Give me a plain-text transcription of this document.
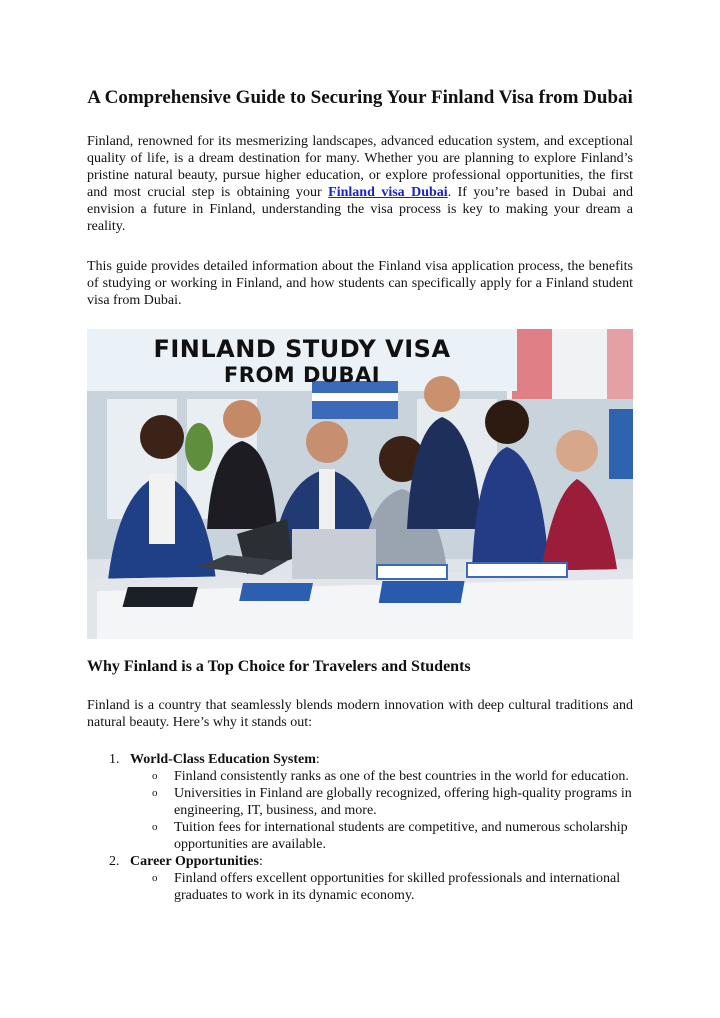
A Comprehensive Guide to Securing Your Finland Visa from Dubai

Finland, renowned for its mesmerizing landscapes, advanced education system, and exceptional quality of life, is a dream destination for many. Whether you are planning to explore Finland’s pristine natural beauty, pursue higher education, or explore professional opportunities, the first and most crucial step is obtaining your Finland visa Dubai. If you’re based in Dubai and envision a future in Finland, understanding the visa process is key to making your dream a reality.

This guide provides detailed information about the Finland visa application process, the benefits of studying or working in Finland, and how students can specifically apply for a Finland student visa from Dubai.

FINLAND STUDY VISA
FROM DUBAI
Why Finland is a Top Choice for Travelers and Students

Finland is a country that seamlessly blends modern innovation with deep cultural traditions and natural beauty. Here’s why it stands out:

1. World-Class Education System:
o Finland consistently ranks as one of the best countries in the world for education.
o Universities in Finland are globally recognized, offering high-quality programs in engineering, IT, business, and more.
o Tuition fees for international students are competitive, and numerous scholarship opportunities are available.
2. Career Opportunities:
o Finland offers excellent opportunities for skilled professionals and international graduates to work in its dynamic economy.
